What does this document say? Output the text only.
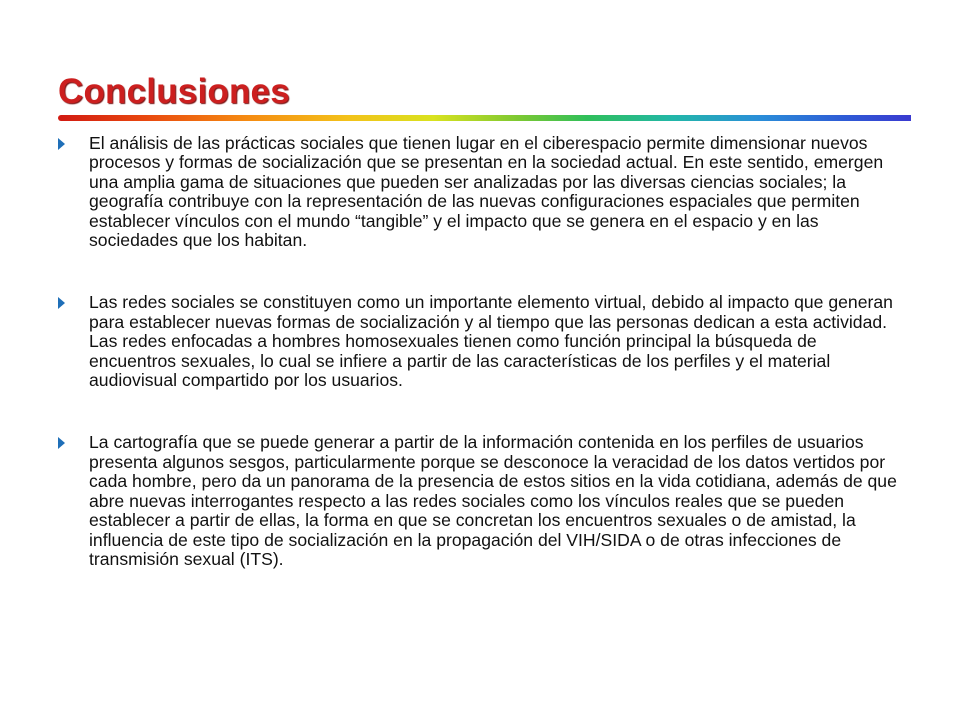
Conclusiones
El análisis de las prácticas sociales que tienen lugar en el ciberespacio permite dimensionar nuevos procesos y formas de socialización que se presentan en la sociedad actual. En este sentido, emergen una amplia gama de situaciones que pueden ser analizadas por las diversas ciencias sociales; la geografía contribuye con la representación de las nuevas configuraciones espaciales que permiten establecer vínculos con el mundo “tangible” y el impacto que se genera en el espacio y en las sociedades que los habitan.
Las redes sociales se constituyen como un importante elemento virtual, debido al impacto que generan para establecer nuevas formas de socialización y al tiempo que las personas dedican a esta actividad. Las redes enfocadas a hombres homosexuales tienen como función principal la búsqueda de encuentros sexuales, lo cual se infiere a partir de las características de los perfiles y el material audiovisual compartido por los usuarios.
La cartografía que se puede generar a partir de la información contenida en los perfiles de usuarios presenta algunos sesgos, particularmente porque se desconoce la veracidad de los datos vertidos por cada hombre, pero da un panorama de la presencia de estos sitios en la vida cotidiana, además de que abre nuevas interrogantes respecto a las redes sociales como los vínculos reales que se pueden establecer a partir de ellas, la forma en que se concretan los encuentros sexuales o de amistad, la influencia de este tipo de socialización en la propagación del VIH/SIDA o de otras infecciones de transmisión sexual (ITS).
